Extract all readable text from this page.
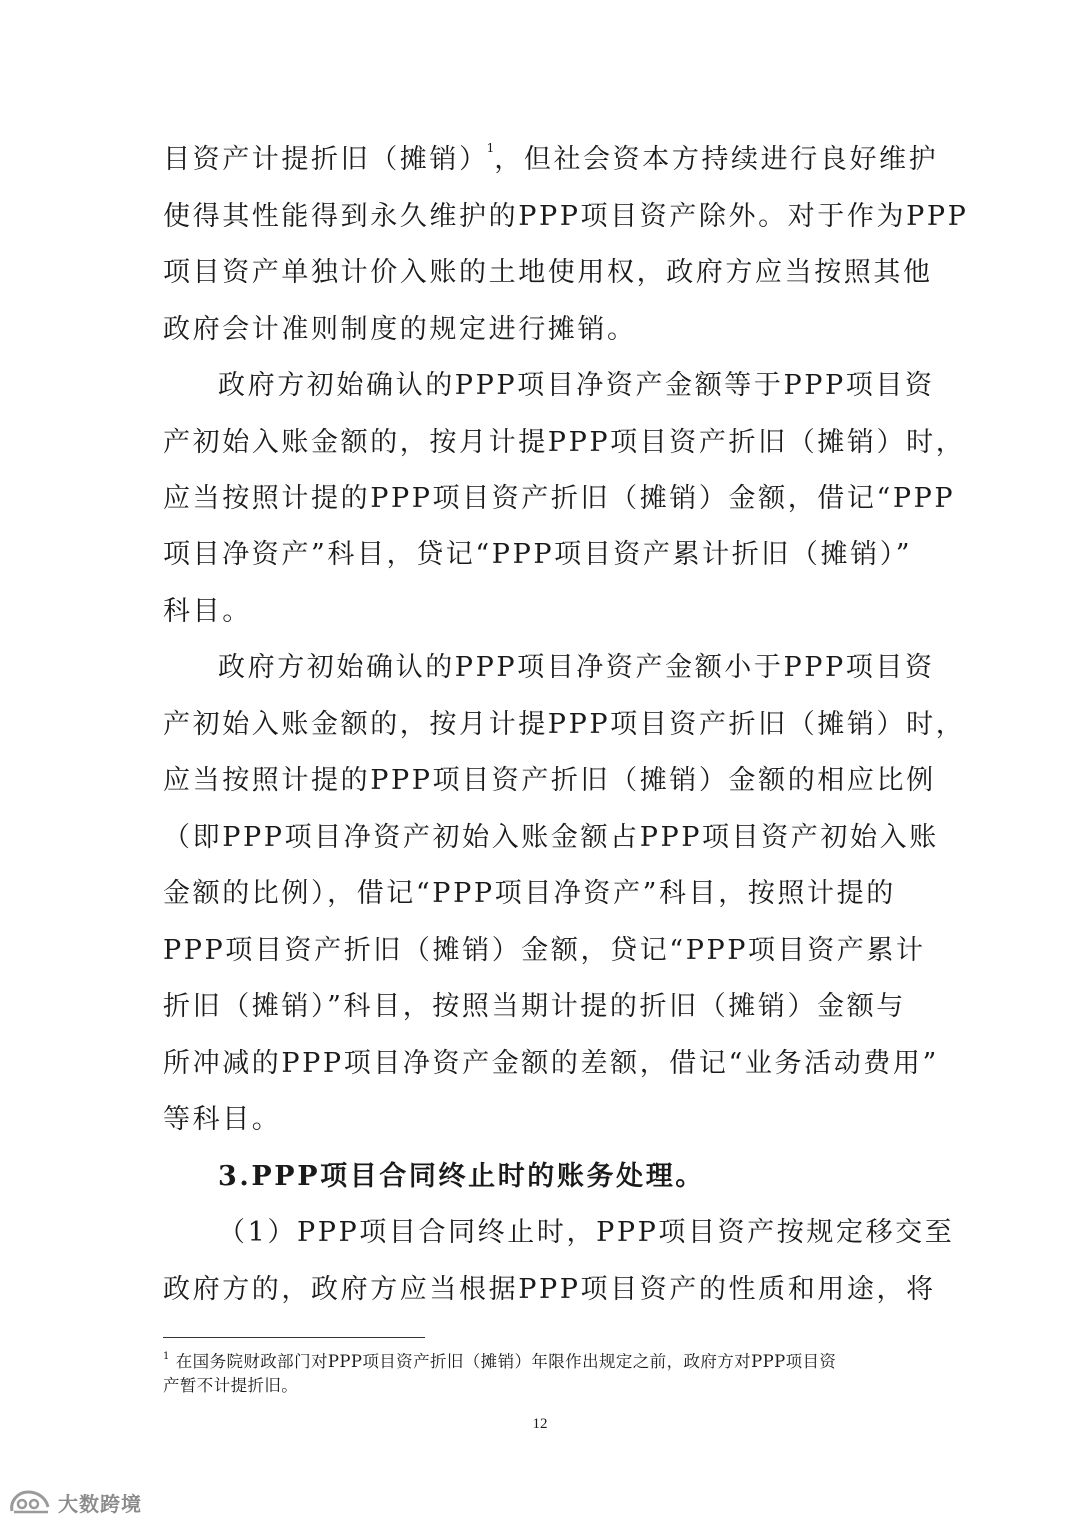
目资产计提折旧（摊销）$^1$，但社会资本方持续进行良好维护
使得其性能得到永久维护的PPP项目资产除外。对于作为PPP
项目资产单独计价入账的土地使用权，政府方应当按照其他
政府会计准则制度的规定进行摊销。
政府方初始确认的PPP项目净资产金额等于PPP项目资
产初始入账金额的，按月计提PPP项目资产折旧（摊销）时，
应当按照计提的PPP项目资产折旧（摊销）金额，借记“PPP
项目净资产”科目，贷记“PPP项目资产累计折旧（摊销）”
科目。
政府方初始确认的PPP项目净资产金额小于PPP项目资
产初始入账金额的，按月计提PPP项目资产折旧（摊销）时，
应当按照计提的PPP项目资产折旧（摊销）金额的相应比例
（即PPP项目净资产初始入账金额占PPP项目资产初始入账
金额的比例），借记“PPP项目净资产”科目，按照计提的
PPP项目资产折旧（摊销）金额，贷记“PPP项目资产累计
折旧（摊销）”科目，按照当期计提的折旧（摊销）金额与
所冲减的PPP项目净资产金额的差额，借记“业务活动费用”
等科目。
3.PPP项目合同终止时的账务处理。
（1）PPP项目合同终止时，PPP项目资产按规定移交至
政府方的，政府方应当根据PPP项目资产的性质和用途，将
$^1$ 在国务院财政部门对PPP项目资产折旧（摊销）年限作出规定之前，政府方对PPP项目资
产暂不计提折旧。
12
大数跨境
